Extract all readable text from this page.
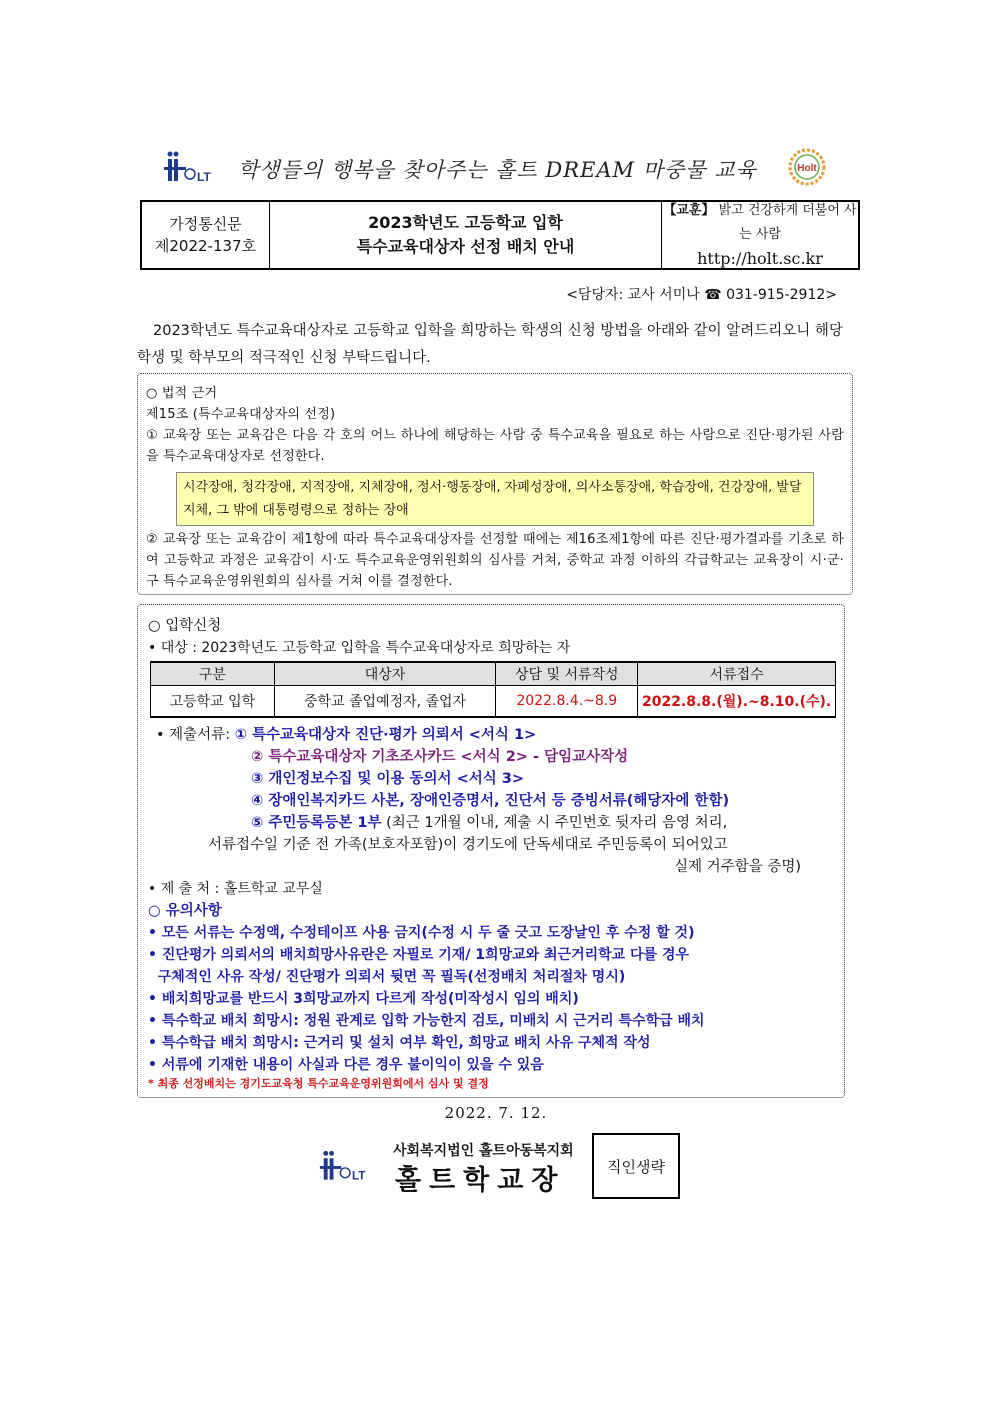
LT 학생들의 행복을 찾아주는 홀트 DREAM 마중물 교육	Holt
가정통신문
제2022-137호
2023학년도 고등학교 입학
특수교육대상자 선정 배치 안내
【교훈】 밝고 건강하게 더불어 사는 사람
http://holt.sc.kr
<담당자: 교사 서미나 ☎ 031-915-2912>
2023학년도 특수교육대상자로 고등학교 입학을 희망하는 학생의 신청 방법을 아래와 같이 알려드리오니 해당 학생 및 학부모의 적극적인 신청 부탁드립니다.

○ 법적 근거

제15조 (특수교육대상자의 선정)

① 교육장 또는 교육감은 다음 각 호의 어느 하나에 해당하는 사람 중 특수교육을 필요로 하는 사람으로 진단·평가된 사람을 특수교육대상자로 선정한다.

시각장애, 청각장애, 지적장애, 지체장애, 정서·행동장애, 자폐성장애, 의사소통장애, 학습장애, 건강장애, 발달지체, 그 밖에 대통령령으로 정하는 장애

② 교육장 또는 교육감이 제1항에 따라 특수교육대상자를 선정할 때에는 제16조제1항에 따른 진단·평가결과를 기초로 하여 고등학교 과정은 교육감이 시·도 특수교육운영위원회의 심사를 거쳐, 중학교 과정 이하의 각급학교는 교육장이 시·군·구 특수교육운영위원회의 심사를 거쳐 이를 결정한다.

○ 입학신청
• 대상 : 2023학년도 고등학교 입학을 특수교육대상자로 희망하는 자
구분	대상자	상담 및 서류작성	서류접수
고등학교 입학	중학교 졸업예정자, 졸업자	2022.8.4.~8.9	2022.8.8.(월).~8.10.(수).
• 제출서류: ① 특수교육대상자 진단·평가 의뢰서 <서식 1>
② 특수교육대상자 기초조사카드 <서식 2> - 담임교사작성
③ 개인정보수집 및 이용 동의서 <서식 3>
④ 장애인복지카드 사본, 장애인증명서, 진단서 등 증빙서류(해당자에 한함)
⑤ 주민등록등본 1부 (최근 1개월 이내, 제출 시 주민번호 뒷자리 음영 처리,
서류접수일 기준 전 가족(보호자포함)이 경기도에 단독세대로 주민등록이 되어있고
실제 거주함을 증명)
• 제 출 처 : 홀트학교 교무실
○ 유의사항
• 모든 서류는 수정액, 수정테이프 사용 금지(수정 시 두 줄 긋고 도장날인 후 수정 할 것)
• 진단평가 의뢰서의 배치희망사유란은 자필로 기재/ 1희망교와 최근거리학교 다를 경우
구체적인 사유 작성/ 진단평가 의뢰서 뒷면 꼭 필독(선정배치 처리절차 명시)
• 배치희망교를 반드시 3희망교까지 다르게 작성(미작성시 임의 배치)
• 특수학교 배치 희망시: 정원 관계로 입학 가능한지 검토, 미배치 시 근거리 특수학급 배치
• 특수학급 배치 희망시: 근거리 및 설치 여부 확인, 희망교 배치 사유 구체적 작성
• 서류에 기재한 내용이 사실과 다른 경우 불이익이 있을 수 있음
* 최종 선정배치는 경기도교육청 특수교육운영위원회에서 심사 및 결정
2022. 7. 12.
LT
사회복지법인 홀트아동복지회
홀트학교장	직인생략
